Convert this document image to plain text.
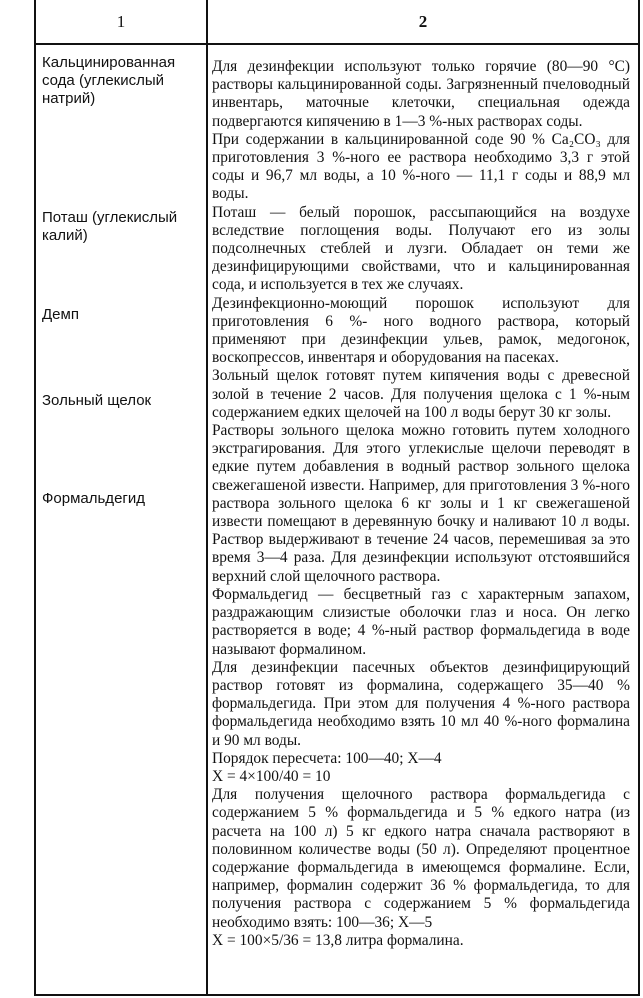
1	2
Кальцинированная сода (углекислый натрий)
Поташ (углекислый калий)
Демп
Зольный щелок
Формальдегид

Для дезинфекции используют только горячие (80—90 °С) растворы кальцинированной соды. Загрязненный пчеловодный инвентарь, маточные клеточки, специальная одежда подвергаются кипячению в 1—3 %-ных растворах соды.

При содержании в кальцинированной соде 90 % Ca₂CO₃ для приготовления 3 %-ного ее раствора необходимо 3,3 г этой соды и 96,7 мл воды, а 10 %-ного — 11,1 г соды и 88,9 мл воды.

Поташ — белый порошок, рассыпающийся на воздухе вследствие поглощения воды. Получают его из золы подсолнечных стеблей и лузги. Обладает он теми же дезинфицирующими свойствами, что и кальцинированная сода, и используется в тех же случаях.

Дезинфекционно-моющий порошок используют для приготовления 6 %- ного водного раствора, который применяют при дезинфекции ульев, рамок, медогонок, воскопрессов, инвентаря и оборудования на пасеках.

Зольный щелок готовят путем кипячения воды с древесной золой в течение 2 часов. Для получения щелока с 1 %-ным содержанием едких щелочей на 100 л воды берут 30 кг золы.

Растворы зольного щелока можно готовить путем холодного экстрагирования. Для этого углекислые щелочи переводят в едкие путем добавления в водный раствор зольного щелока свежегашеной извести. Например, для приготовления 3 %-ного раствора зольного щелока 6 кг золы и 1 кг свежегашеной извести помещают в деревянную бочку и наливают 10 л воды. Раствор выдерживают в течение 24 часов, перемешивая за это время 3—4 раза. Для дезинфекции используют отстоявшийся верхний слой щелочного раствора.

Формальдегид — бесцветный газ с характерным запахом, раздражающим слизистые оболочки глаз и носа. Он легко растворяется в воде; 4 %-ный раствор формальдегида в воде называют формалином.

Для дезинфекции пасечных объектов дезинфицирующий раствор готовят из формалина, содержащего 35—40 % формальдегида. При этом для получения 4 %-ного раствора формальдегида необходимо взять 10 мл 40 %-ного формалина и 90 мл воды.

Порядок пересчета: 100—40; X—4

X = 4×100/40 = 10

Для получения щелочного раствора формальдегида с содержанием 5 % формальдегида и 5 % едкого натра (из расчета на 100 л) 5 кг едкого натра сначала растворяют в половинном количестве воды (50 л). Определяют процентное содержание формальдегида в имеющемся формалине. Если, например, формалин содержит 36 % формальдегида, то для получения раствора с содержанием 5 % формальдегида необходимо взять: 100—36; X—5

X = 100×5/36 = 13,8 литра формалина.
